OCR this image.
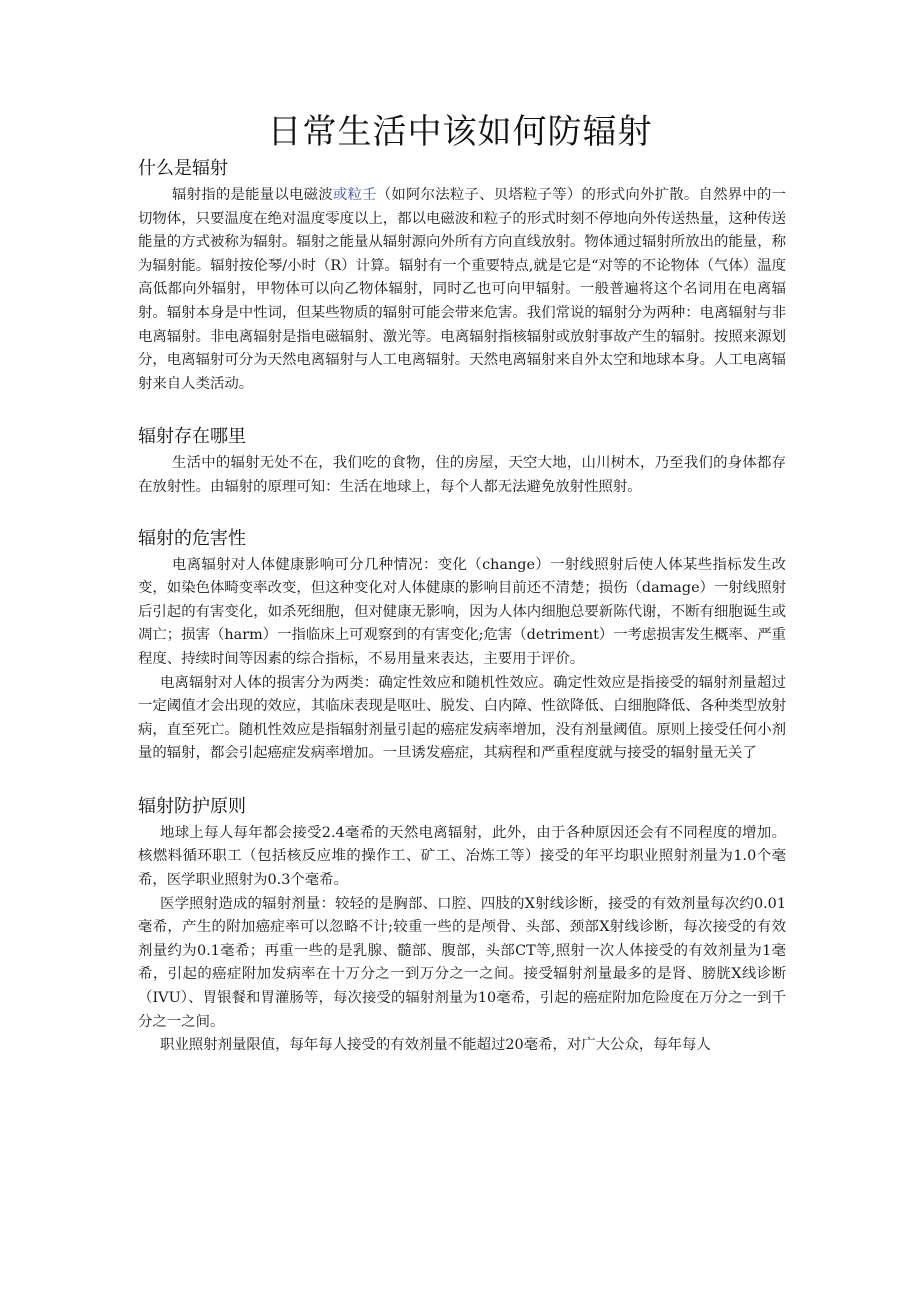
日常生活中该如何防辐射
什么是辐射

辐射指的是能量以电磁波或粒壬（如阿尔法粒子、贝塔粒子等）的形式向外扩散。自然界中的一切物体，只要温度在绝对温度零度以上，都以电磁波和粒子的形式时刻不停地向外传送热量，这种传送能量的方式被称为辐射。辐射之能量从辐射源向外所有方向直线放射。物体通过辐射所放出的能量，称为辐射能。辐射按伦琴/小时（R）计算。辐射有一个重要特点,就是它是“对等的不论物体（气体）温度高低都向外辐射，甲物体可以向乙物体辐射，同时乙也可向甲辐射。一般普遍将这个名词用在电离辐射。辐射本身是中性词，但某些物质的辐射可能会带来危害。我们常说的辐射分为两种：电离辐射与非电离辐射。非电离辐射是指电磁辐射、激光等。电离辐射指核辐射或放射事故产生的辐射。按照来源划分，电离辐射可分为天然电离辐射与人工电离辐射。天然电离辐射来自外太空和地球本身。人工电离辐射来自人类活动。

辐射存在哪里

生活中的辐射无处不在，我们吃的食物，住的房屋，天空大地，山川树木，乃至我们的身体都存在放射性。由辐射的原理可知：生活在地球上，每个人都无法避免放射性照射。

辐射的危害性

电离辐射对人体健康影响可分几种情况：变化（change）一射线照射后使人体某些指标发生改变，如染色体畸变率改变，但这种变化对人体健康的影响目前还不清楚；损伤（damage）一射线照射后引起的有害变化，如杀死细胞，但对健康无影响，因为人体内细胞总要新陈代谢，不断有细胞诞生或凋亡；损害（harm）一指临床上可观察到的有害变化;危害（detriment）一考虑损害发生概率、严重程度、持续时间等因素的综合指标，不易用量来表达，主要用于评价。

电离辐射对人体的损害分为两类：确定性效应和随机性效应。确定性效应是指接受的辐射剂量超过一定阈值才会出现的效应，其临床表现是呕吐、脱发、白内障、性欲降低、白细胞降低、各种类型放射病，直至死亡。随机性效应是指辐射剂量引起的癌症发病率增加，没有剂量阈值。原则上接受任何小剂量的辐射，都会引起癌症发病率增加。一旦诱发癌症，其病程和严重程度就与接受的辐射量无关了

辐射防护原则

地球上每人每年都会接受2.4毫希的天然电离辐射，此外，由于各种原因还会有不同程度的增加。核燃料循环职工（包括核反应堆的操作工、矿工、冶炼工等）接受的年平均职业照射剂量为1.0个毫希，医学职业照射为0.3个毫希。

医学照射造成的辐射剂量：较轻的是胸部、口腔、四肢的X射线诊断，接受的有效剂量每次约0.01毫希，产生的附加癌症率可以忽略不计;较重一些的是颅骨、头部、颈部X射线诊断，每次接受的有效剂量约为0.1毫希；再重一些的是乳腺、髓部、腹部，头部CT等,照射一次人体接受的有效剂量为1毫希，引起的癌症附加发病率在十万分之一到万分之一之间。接受辐射剂量最多的是肾、膀胱X线诊断（IVU）、胃银餐和胃灌肠等，每次接受的辐射剂量为10毫希，引起的癌症附加危险度在万分之一到千分之一之间。

职业照射剂量限值，每年每人接受的有效剂量不能超过20毫希，对广大公众，每年每人
